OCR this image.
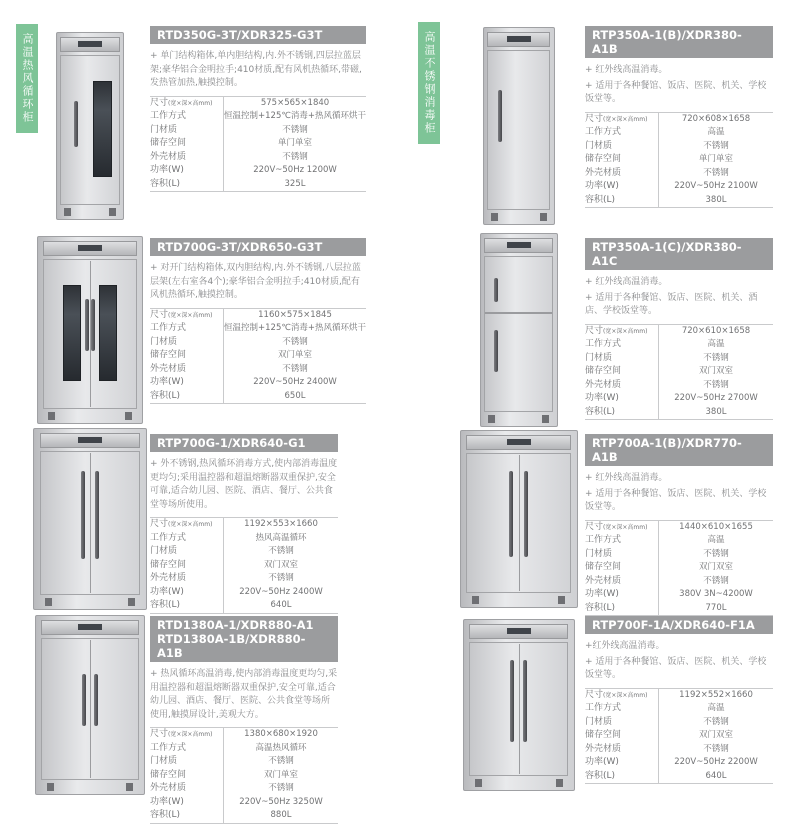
高温热风循环柜	RTD350G-3T/XDR325-G3T

+ 单门结构箱体,单内胆结构,内.外不锈钢,四层拉蓝层架;豪华铝合金明拉手;410材质,配有风机热循环,带磁,发热管加热,触摸控制。

尺寸(宽×深×高mm)	575×565×1840
工作方式	恒温控制+125℃消毒+热风循环烘干
门材质	不锈钢
储存空间	单门单室
外壳材质	不锈钢
功率(W)	220V~50Hz 1200W
容积(L)	325L
RTD700G-3T/XDR650-G3T

+ 对开门结构箱体,双内胆结构,内.外不锈钢,八层拉蓝层架(左右室各4个);豪华铝合金明拉手;410材质,配有风机热循环,触摸控制。

尺寸(宽×深×高mm)	1160×575×1845
工作方式	恒温控制+125℃消毒+热风循环烘干
门材质	不锈钢
储存空间	双门单室
外壳材质	不锈钢
功率(W)	220V~50Hz 2400W
容积(L)	650L
RTP700G-1/XDR640-G1

+ 外不锈钢,热风循环消毒方式,使内部消毒温度更均匀;采用温控器和超温熔断器双重保护,安全可靠,适合幼儿园、医院、酒店、餐厅、公共食堂等场所使用。

尺寸(宽×深×高mm)	1192×553×1660
工作方式	热风高温循环
门材质	不锈钢
储存空间	双门双室
外壳材质	不锈钢
功率(W)	220V~50Hz 2400W
容积(L)	640L
RTD1380A-1/XDR880-A1
RTD1380A-1B/XDR880-A1B

+ 热风循环高温消毒,使内部消毒温度更均匀,采用温控器和超温熔断器双重保护,安全可靠,适合幼儿园、酒店、餐厅、医院、公共食堂等场所使用,触摸屏设计,美观大方。

尺寸(宽×深×高mm)	1380×680×1920
工作方式	高温热风循环
门材质	不锈钢
储存空间	双门单室
外壳材质	不锈钢
功率(W)	220V~50Hz 3250W
容积(L)	880L
高温不锈钢消毒柜	RTP350A-1(B)/XDR380-A1B

+ 红外线高温消毒。

+ 适用于各种餐馆、饭店、医院、机关、学校饭堂等。

尺寸(宽×深×高mm)	720×608×1658
工作方式	高温
门材质	不锈钢
储存空间	单门单室
外壳材质	不锈钢
功率(W)	220V~50Hz 2100W
容积(L)	380L
RTP350A-1(C)/XDR380-A1C

+ 红外线高温消毒。

+ 适用于各种餐馆、饭店、医院、机关、酒店、学校饭堂等。

尺寸(宽×深×高mm)	720×610×1658
工作方式	高温
门材质	不锈钢
储存空间	双门双室
外壳材质	不锈钢
功率(W)	220V~50Hz 2700W
容积(L)	380L
RTP700A-1(B)/XDR770-A1B

+ 红外线高温消毒。

+ 适用于各种餐馆、饭店、医院、机关、学校饭堂等。

尺寸(宽×深×高mm)	1440×610×1655
工作方式	高温
门材质	不锈钢
储存空间	双门双室
外壳材质	不锈钢
功率(W)	380V 3N~4200W
容积(L)	770L
RTP700F-1A/XDR640-F1A

+红外线高温消毒。

+ 适用于各种餐馆、饭店、医院、机关、学校饭堂等。

尺寸(宽×深×高mm)	1192×552×1660
工作方式	高温
门材质	不锈钢
储存空间	双门双室
外壳材质	不锈钢
功率(W)	220V~50Hz 2200W
容积(L)	640L
